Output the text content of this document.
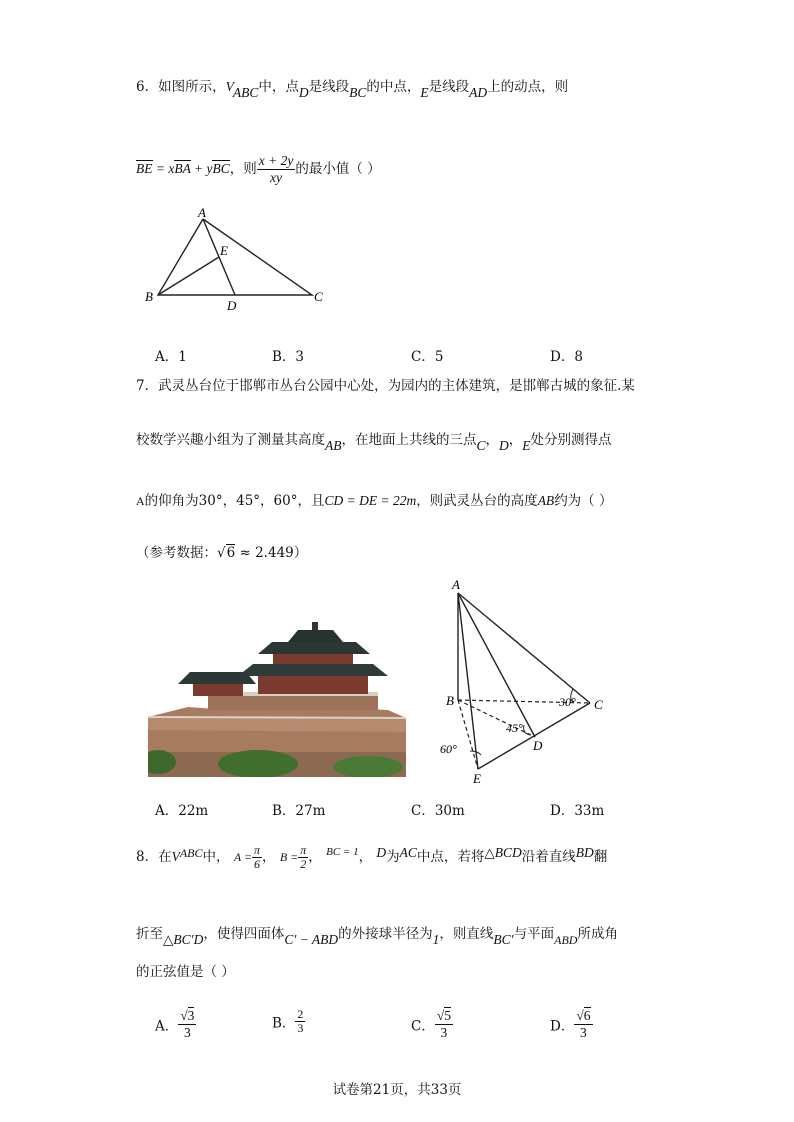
6．如图所示，VABC中，点D是线段BC的中点，E是线段AD上的动点，则
BE = xBA + yBC，则 $\frac{x + 2y}{xy}$ 的最小值（ ）
A
B	C
D
E
A．1	B．3	C．5	D．8
7．武灵丛台位于邯郸市丛台公园中心处，为园内的主体建筑，是邯郸古城的象征.某
校数学兴趣小组为了测量其高度AB，在地面上共线的三点C，D，E处分别测得点
A的仰角为30°，45°，60°，且CD = DE = 22m，则武灵丛台的高度AB约为（ ）
（参考数据：√6 ≈ 2.449）
A
B	C
D
E
30°
45°
60°
A．22m	B．27m	C．30m	D．33m
8．在VABC中， $A = \frac{\pi}{6}$ ， $B = \frac{\pi}{2}$ ， $^{BC = 1}$， D为AC中点，若将△BCD沿着直线BD翻
折至△BC′D，使得四面体C′ − ABD的外接球半径为1，则直线BC′与平面ABD所成角
的正弦值是（ ）
A． $\frac{√3}{3}$	B． $\frac{2}{3}$	C． $\frac{√5}{3}$	D． $\frac{√6}{3}$
试卷第21页，共33页
